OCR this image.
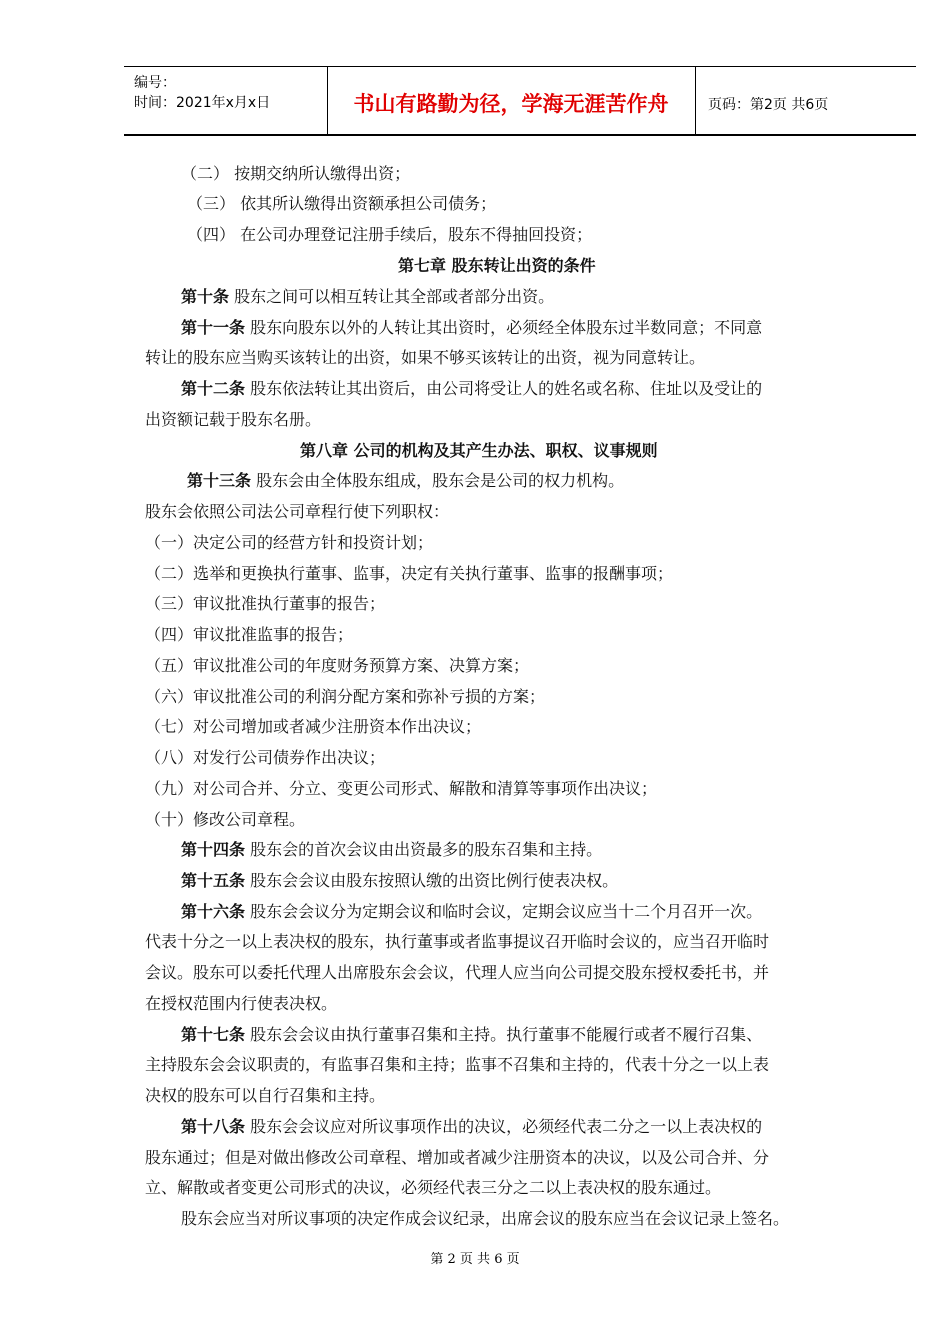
编号：
时间：2021年x月x日	书山有路勤为径，学海无涯苦作舟	页码：第2页 共6页
（二） 按期交纳所认缴得出资；
（三） 依其所认缴得出资额承担公司债务；
（四） 在公司办理登记注册手续后，股东不得抽回投资；
第七章 股东转让出资的条件
第十条 股东之间可以相互转让其全部或者部分出资。
第十一条 股东向股东以外的人转让其出资时，必须经全体股东过半数同意；不同意
转让的股东应当购买该转让的出资，如果不够买该转让的出资，视为同意转让。
第十二条 股东依法转让其出资后，由公司将受让人的姓名或名称、住址以及受让的
出资额记载于股东名册。
第八章 公司的机构及其产生办法、职权、议事规则
第十三条 股东会由全体股东组成，股东会是公司的权力机构。
股东会依照公司法公司章程行使下列职权：
（一）决定公司的经营方针和投资计划；
（二）选举和更换执行董事、监事，决定有关执行董事、监事的报酬事项；
（三）审议批准执行董事的报告；
（四）审议批准监事的报告；
（五）审议批准公司的年度财务预算方案、决算方案；
（六）审议批准公司的利润分配方案和弥补亏损的方案；
（七）对公司增加或者减少注册资本作出决议；
（八）对发行公司债券作出决议；
（九）对公司合并、分立、变更公司形式、解散和清算等事项作出决议；
（十）修改公司章程。
第十四条 股东会的首次会议由出资最多的股东召集和主持。
第十五条 股东会会议由股东按照认缴的出资比例行使表决权。
第十六条 股东会会议分为定期会议和临时会议，定期会议应当十二个月召开一次。
代表十分之一以上表决权的股东，执行董事或者监事提议召开临时会议的，应当召开临时
会议。股东可以委托代理人出席股东会会议，代理人应当向公司提交股东授权委托书，并
在授权范围内行使表决权。
第十七条 股东会会议由执行董事召集和主持。执行董事不能履行或者不履行召集、
主持股东会会议职责的，有监事召集和主持；监事不召集和主持的，代表十分之一以上表
决权的股东可以自行召集和主持。
第十八条 股东会会议应对所议事项作出的决议，必须经代表二分之一以上表决权的
股东通过；但是对做出修改公司章程、增加或者减少注册资本的决议，以及公司合并、分
立、解散或者变更公司形式的决议，必须经代表三分之二以上表决权的股东通过。
股东会应当对所议事项的决定作成会议纪录，出席会议的股东应当在会议记录上签名。
第 2 页 共 6 页
